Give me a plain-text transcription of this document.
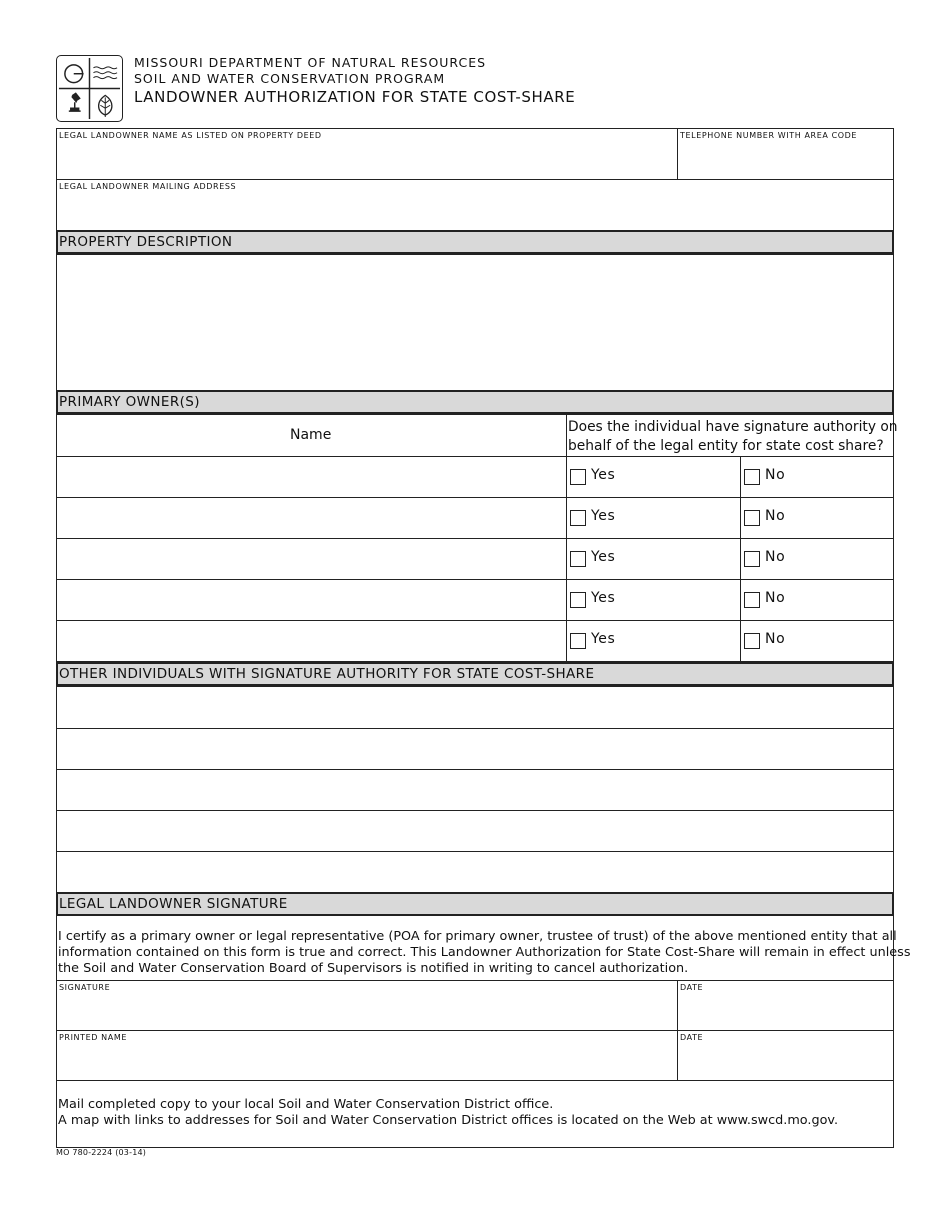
MISSOURI DEPARTMENT OF NATURAL RESOURCES
SOIL AND WATER CONSERVATION PROGRAM
LANDOWNER AUTHORIZATION FOR STATE COST-SHARE
LEGAL LANDOWNER NAME AS LISTED ON PROPERTY DEED	TELEPHONE NUMBER WITH AREA CODE
LEGAL LANDOWNER MAILING ADDRESS
PROPERTY DESCRIPTION
PRIMARY OWNER(S)
Name	Does the individual have signature authority on
behalf of the legal entity for state cost share?
Yes	No
Yes	No
Yes	No
Yes	No
Yes	No
OTHER INDIVIDUALS WITH SIGNATURE AUTHORITY FOR STATE COST-SHARE
LEGAL LANDOWNER SIGNATURE
I certify as a primary owner or legal representative (POA for primary owner, trustee of trust) of the above mentioned entity that all
information contained on this form is true and correct. This Landowner Authorization for State Cost-Share will remain in effect unless
the Soil and Water Conservation Board of Supervisors is notified in writing to cancel authorization.
SIGNATURE	DATE
PRINTED NAME	DATE
Mail completed copy to your local Soil and Water Conservation District office.
A map with links to addresses for Soil and Water Conservation District offices is located on the Web at www.swcd.mo.gov.
MO 780-2224 (03-14)
